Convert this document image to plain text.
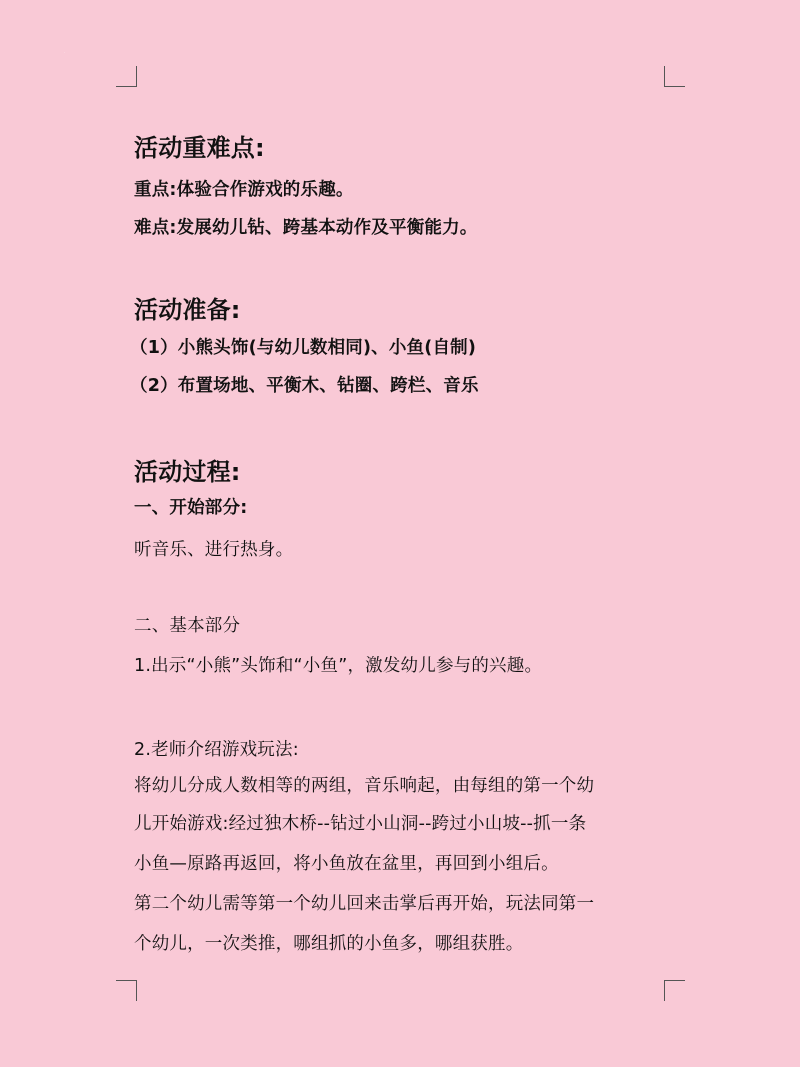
活动重难点:
重点:体验合作游戏的乐趣。
难点:发展幼儿钻、跨基本动作及平衡能力。
活动准备:
（1）小熊头饰(与幼儿数相同)、小鱼(自制)
（2）布置场地、平衡木、钻圈、跨栏、音乐
活动过程:
一、开始部分:
听音乐、进行热身。
二、基本部分
1.出示“小熊”头饰和“小鱼”，激发幼儿参与的兴趣。
2.老师介绍游戏玩法:
将幼儿分成人数相等的两组，音乐响起，由每组的第一个幼
儿开始游戏:经过独木桥--钻过小山洞--跨过小山坡--抓一条
小鱼—原路再返回，将小鱼放在盆里，再回到小组后。
第二个幼儿需等第一个幼儿回来击掌后再开始，玩法同第一
个幼儿，一次类推，哪组抓的小鱼多，哪组获胜。
